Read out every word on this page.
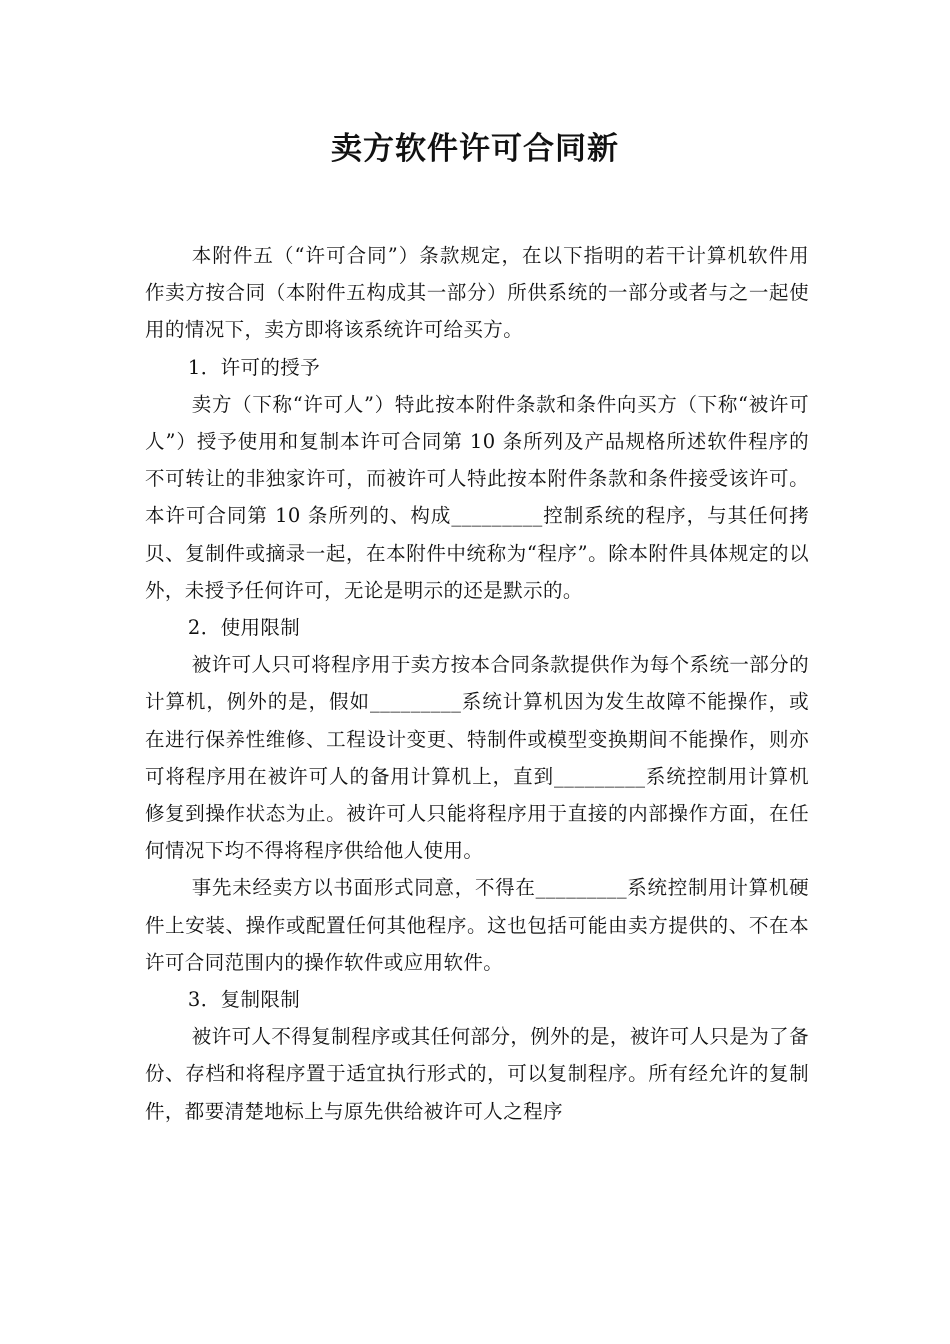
卖方软件许可合同新

本附件五（“许可合同”）条款规定，在以下指明的若干计算机软件用作卖方按合同（本附件五构成其一部分）所供系统的一部分或者与之一起使用的情况下，卖方即将该系统许可给买方。

1．许可的授予

卖方（下称“许可人”）特此按本附件条款和条件向买方（下称“被许可人”）授予使用和复制本许可合同第 10 条所列及产品规格所述软件程序的不可转让的非独家许可，而被许可人特此按本附件条款和条件接受该许可。本许可合同第 10 条所列的、构成_________控制系统的程序，与其任何拷贝、复制件或摘录一起，在本附件中统称为“程序”。除本附件具体规定的以外，未授予任何许可，无论是明示的还是默示的。

2．使用限制

被许可人只可将程序用于卖方按本合同条款提供作为每个系统一部分的计算机，例外的是，假如_________系统计算机因为发生故障不能操作，或在进行保养性维修、工程设计变更、特制件或模型变换期间不能操作，则亦可将程序用在被许可人的备用计算机上，直到_________系统控制用计算机修复到操作状态为止。被许可人只能将程序用于直接的内部操作方面，在任何情况下均不得将程序供给他人使用。

事先未经卖方以书面形式同意，不得在_________系统控制用计算机硬件上安装、操作或配置任何其他程序。这也包括可能由卖方提供的、不在本许可合同范围内的操作软件或应用软件。

3．复制限制

被许可人不得复制程序或其任何部分，例外的是，被许可人只是为了备份、存档和将程序置于适宜执行形式的，可以复制程序。所有经允许的复制件，都要清楚地标上与原先供给被许可人之程序
